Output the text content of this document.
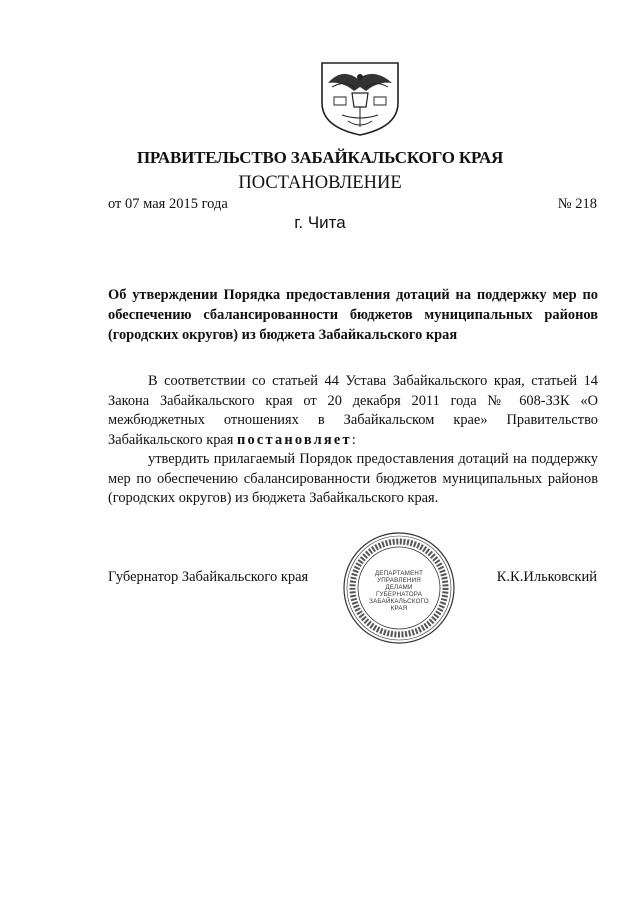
ПРАВИТЕЛЬСТВО ЗАБАЙКАЛЬСКОГО КРАЯ
ПОСТАНОВЛЕНИЕ
от 07 мая 2015 года	№ 218
г. Чита
Об утверждении Порядка предоставления дотаций на поддержку мер по обеспечению сбалансированности бюджетов муниципальных районов (городских округов) из бюджета Забайкальского края
В соответствии со статьей 44 Устава Забайкальского края, статьей 14 Закона Забайкальского края от 20 декабря 2011 года № 608-ЗЗК «О межбюджетных отношениях в Забайкальском крае» Правительство Забайкальского края постановляет:
утвердить прилагаемый Порядок предоставления дотаций на поддержку мер по обеспечению сбалансированности бюджетов муниципальных районов (городских округов) из бюджета Забайкальского края.
ДЕПАРТАМЕНТ
УПРАВЛЕНИЯ
ДЕЛАМИ
ГУБЕРНАТОРА
ЗАБАЙКАЛЬСКОГО
КРАЯ
Губернатор Забайкальского края	К.К.Ильковский
